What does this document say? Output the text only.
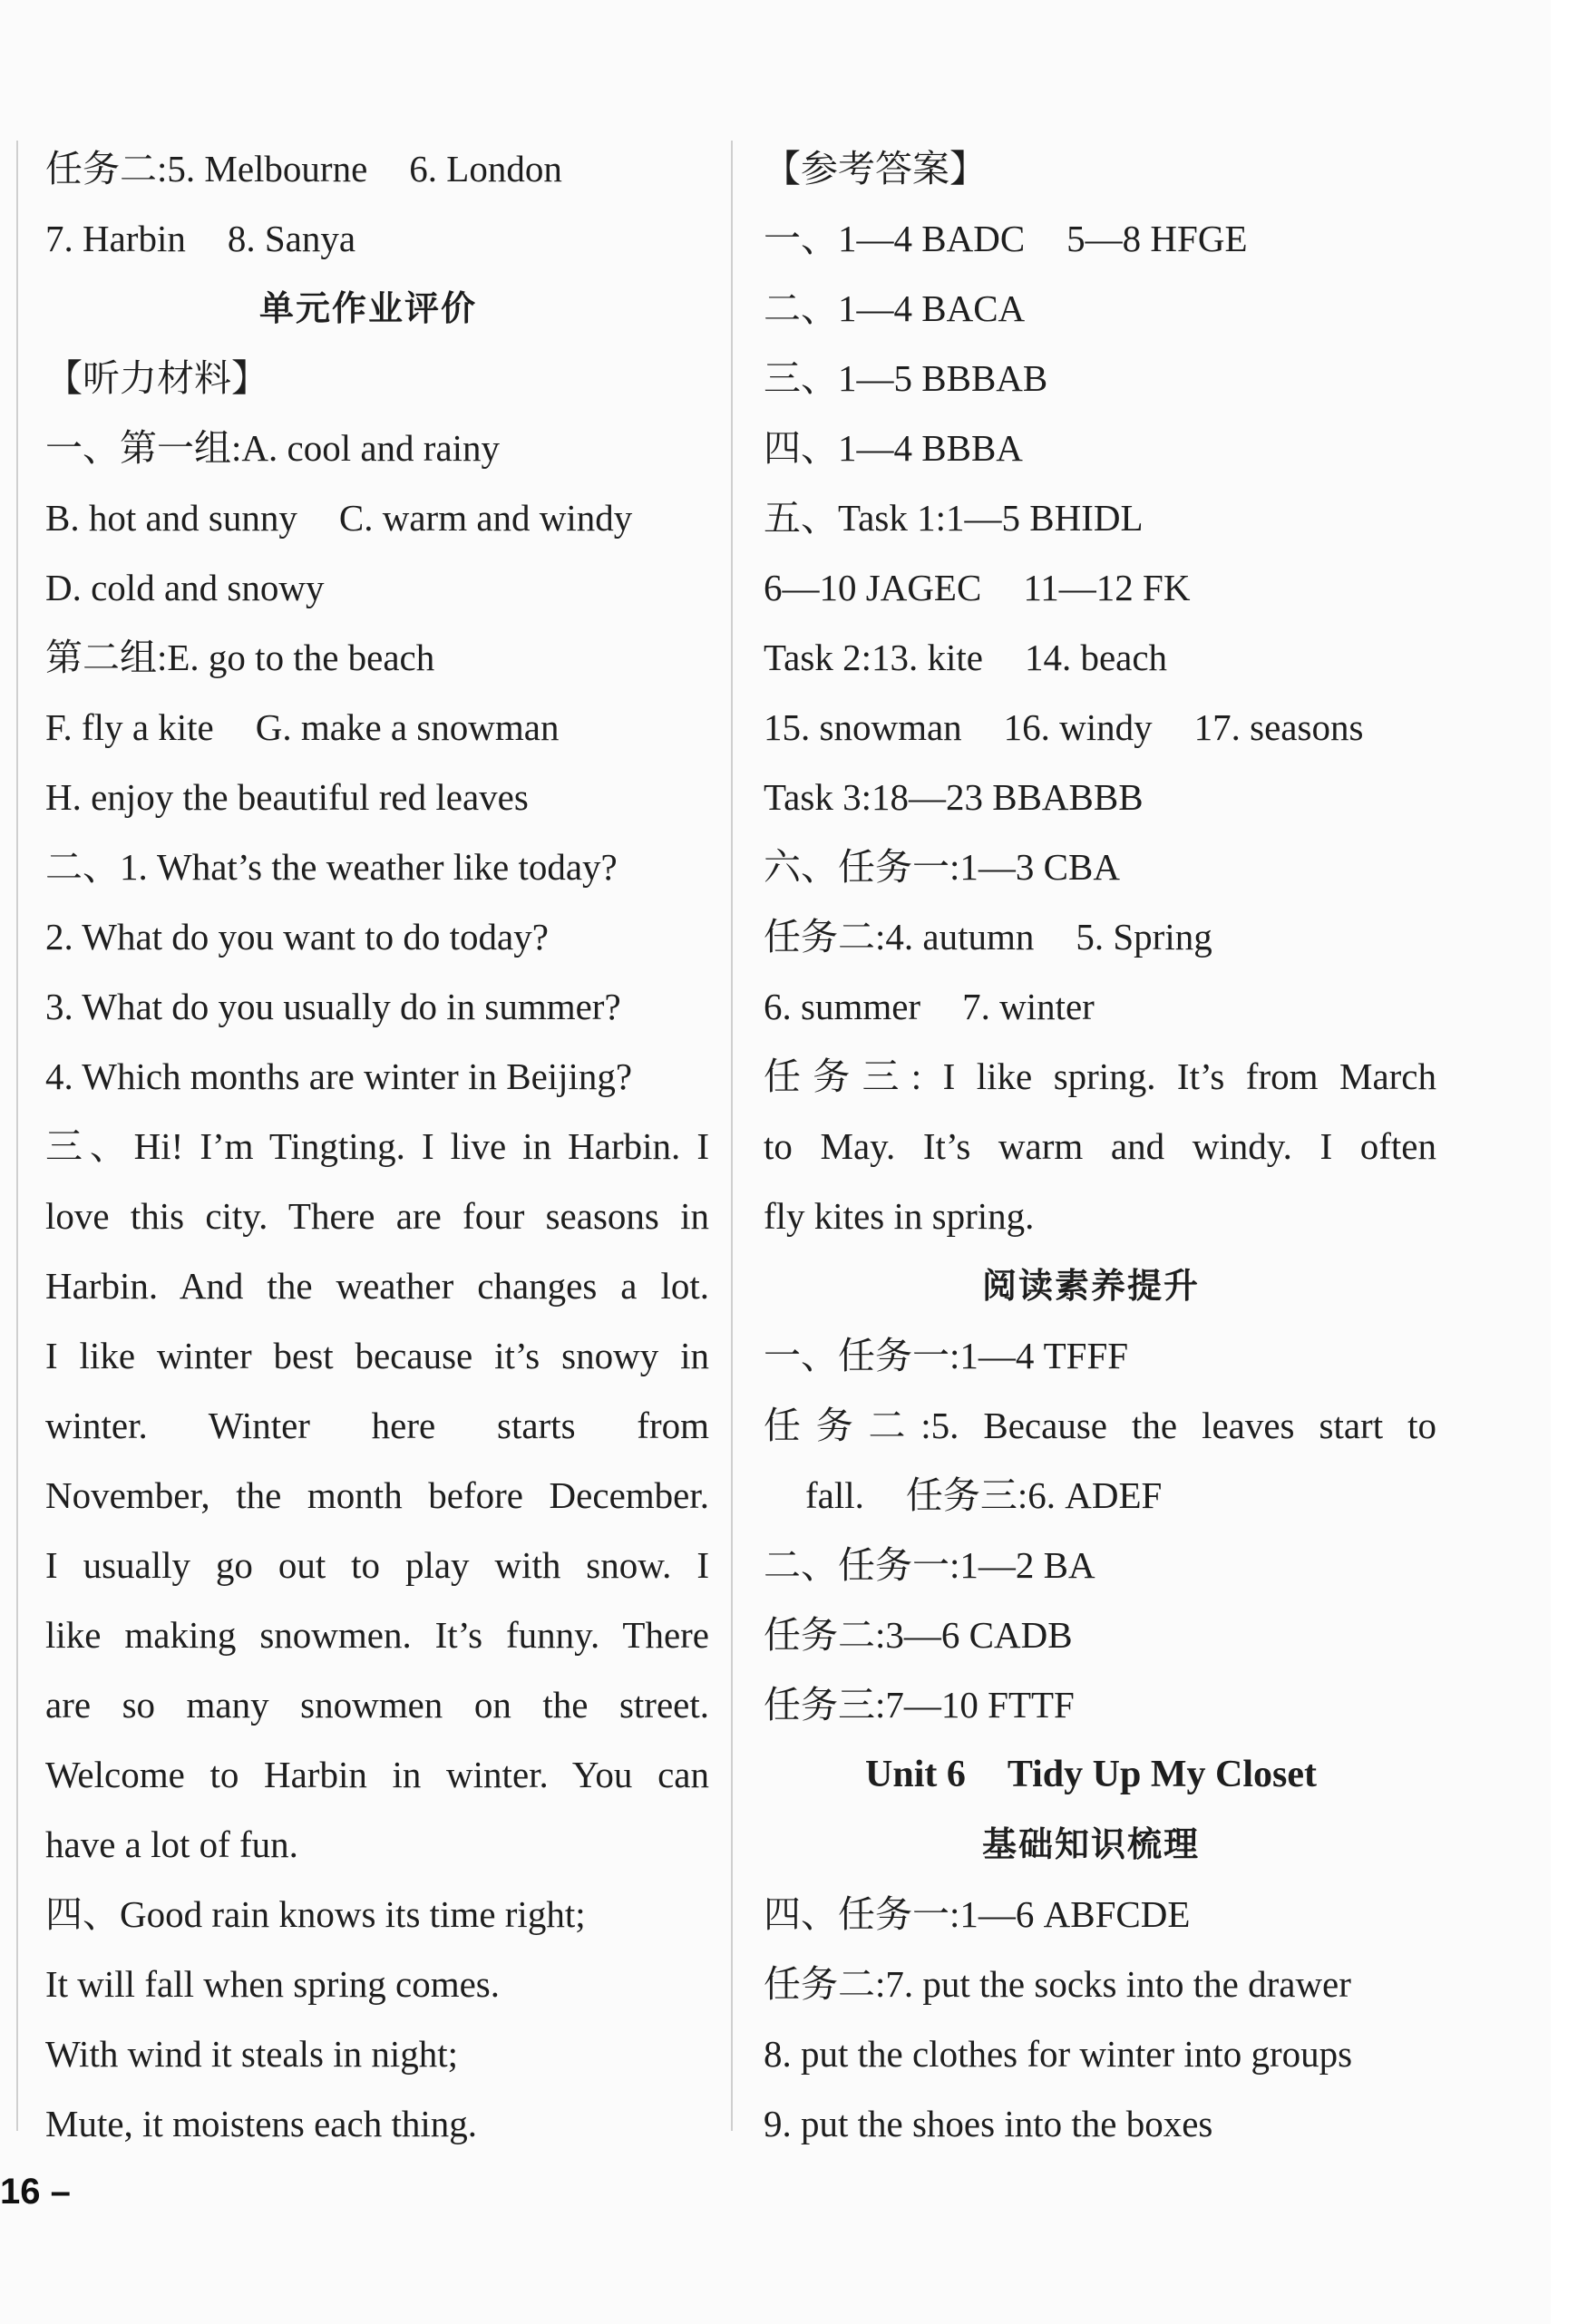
任务二:5. Melbourne 6. London
7. Harbin 8. Sanya
单元作业评价
【听力材料】
一、第一组:A. cool and rainy
B. hot and sunny C. warm and windy
D. cold and snowy
第二组:E. go to the beach
F. fly a kite G. make a snowman
H. enjoy the beautiful red leaves
二、1. What’s the weather like today?
2. What do you want to do today?
3. What do you usually do in summer?
4. Which months are winter in Beijing?
三、Hi! I’m Tingting. I live in Harbin. I
love this city. There are four seasons in
Harbin. And the weather changes a lot.
I like winter best because it’s snowy in
winter. Winter here starts from
November, the month before December.
I usually go out to play with snow. I
like making snowmen. It’s funny. There
are so many snowmen on the street.
Welcome to Harbin in winter. You can
have a lot of fun.
四、Good rain knows its time right;
It will fall when spring comes.
With wind it steals in night;
Mute, it moistens each thing.
【参考答案】
一、1—4 BADC 5—8 HFGE
二、1—4 BACA
三、1—5 BBBAB
四、1—4 BBBA
五、Task 1:1—5 BHIDL
6—10 JAGEC 11—12 FK
Task 2:13. kite 14. beach
15. snowman 16. windy 17. seasons
Task 3:18—23 BBABBB
六、任务一:1—3 CBA
任务二:4. autumn 5. Spring
6. summer 7. winter
任务三: I like spring. It’s from March
to May. It’s warm and windy. I often
fly kites in spring.
阅读素养提升
一、任务一:1—4 TFFF
任务二:5. Because the leaves start to
fall. 任务三:6. ADEF
二、任务一:1—2 BA
任务二:3—6 CADB
任务三:7—10 FTTF
Unit 6 Tidy Up My Closet
基础知识梳理
四、任务一:1—6 ABFCDE
任务二:7. put the socks into the drawer
8. put the clothes for winter into groups
9. put the shoes into the boxes
16 –
